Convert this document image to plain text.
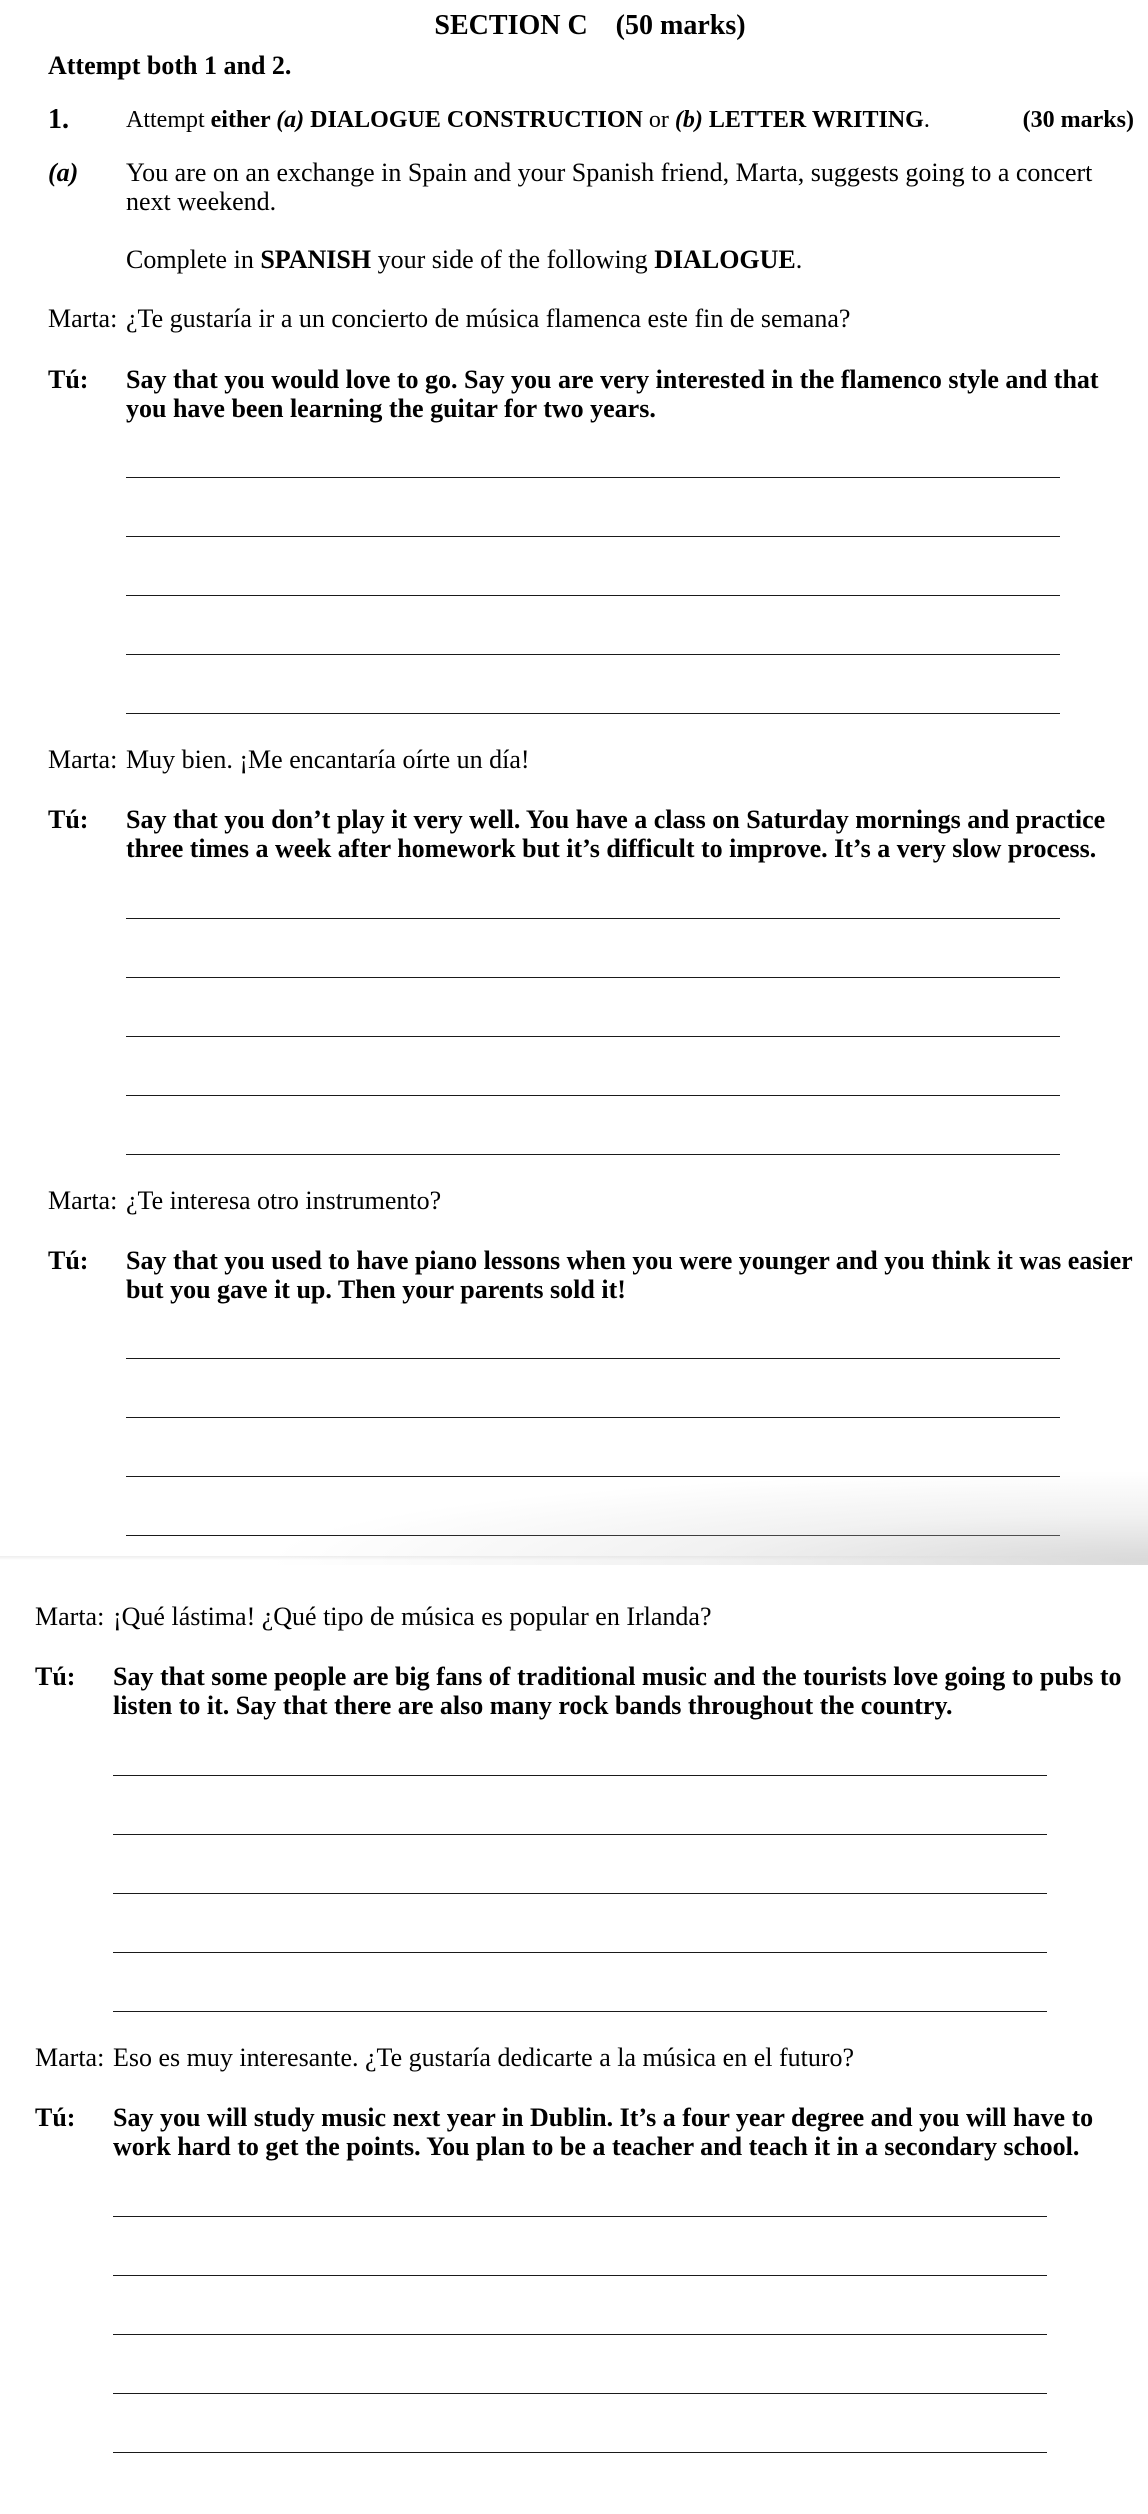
SECTION C    (50 marks)
Attempt both 1 and 2.
1. Attempt either (a) DIALOGUE CONSTRUCTION or (b) LETTER WRITING.	(30 marks)
(a) You are on an exchange in Spain and your Spanish friend, Marta, suggests going to a concert next weekend.
Complete in SPANISH your side of the following DIALOGUE.
Marta: ¿Te gustaría ir a un concierto de música flamenca este fin de semana?
Tú: Say that you would love to go. Say you are very interested in the flamenco style and that you have been learning the guitar for two years.
Marta: Muy bien. ¡Me encantaría oírte un día!
Tú: Say that you don’t play it very well. You have a class on Saturday mornings and practice three times a week after homework but it’s difficult to improve. It’s a very slow process.
Marta: ¿Te interesa otro instrumento?
Tú: Say that you used to have piano lessons when you were younger and you think it was easier but you gave it up. Then your parents sold it!
Marta: ¡Qué lástima! ¿Qué tipo de música es popular en Irlanda?
Tú: Say that some people are big fans of traditional music and the tourists love going to pubs to listen to it. Say that there are also many rock bands throughout the country.
Marta: Eso es muy interesante. ¿Te gustaría dedicarte a la música en el futuro?
Tú: Say you will study music next year in Dublin. It’s a four year degree and you will have to work hard to get the points. You plan to be a teacher and teach it in a secondary school.
